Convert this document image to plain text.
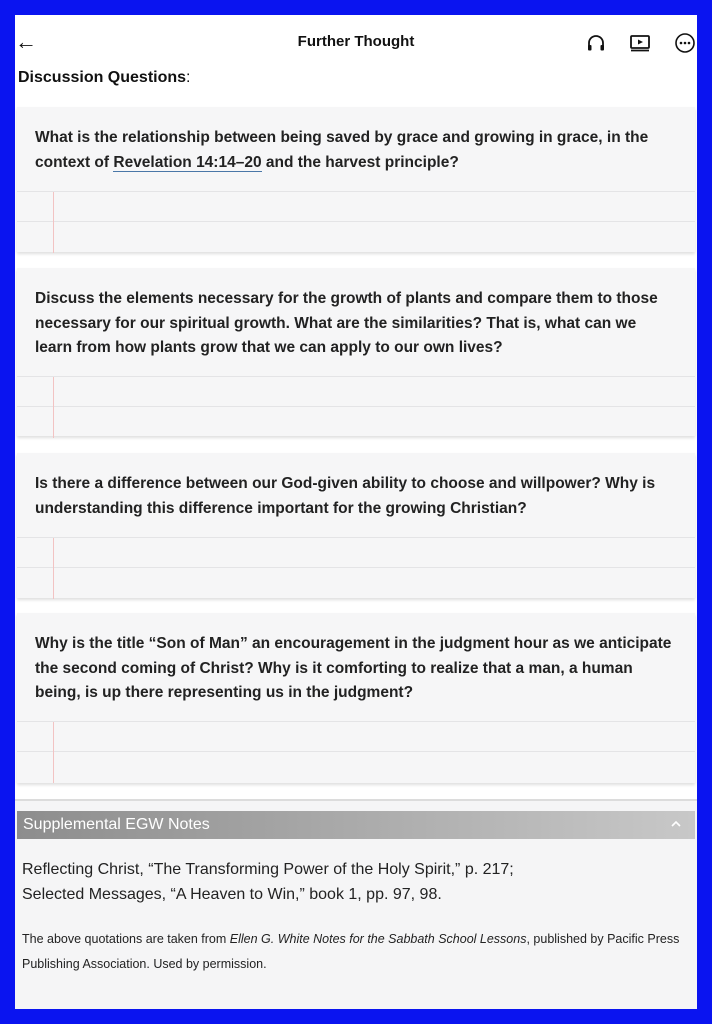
←	Further Thought
Discussion Questions:
What is the relationship between being saved by grace and growing in grace, in the context of Revelation 14:14–20 and the harvest principle?
Discuss the elements necessary for the growth of plants and compare them to those necessary for our spiritual growth. What are the similarities? That is, what can we learn from how plants grow that we can apply to our own lives?
Is there a difference between our God-given ability to choose and willpower? Why is understanding this difference important for the growing Christian?
Why is the title “Son of Man” an encouragement in the judgment hour as we anticipate the second coming of Christ? Why is it comforting to realize that a man, a human being, is up there representing us in the judgment?
Supplemental EGW Notes
Reflecting Christ, “The Transforming Power of the Holy Spirit,” p. 217;
Selected Messages, “A Heaven to Win,” book 1, pp. 97, 98.
The above quotations are taken from Ellen G. White Notes for the Sabbath School Lessons, published by Pacific Press Publishing Association. Used by permission.
